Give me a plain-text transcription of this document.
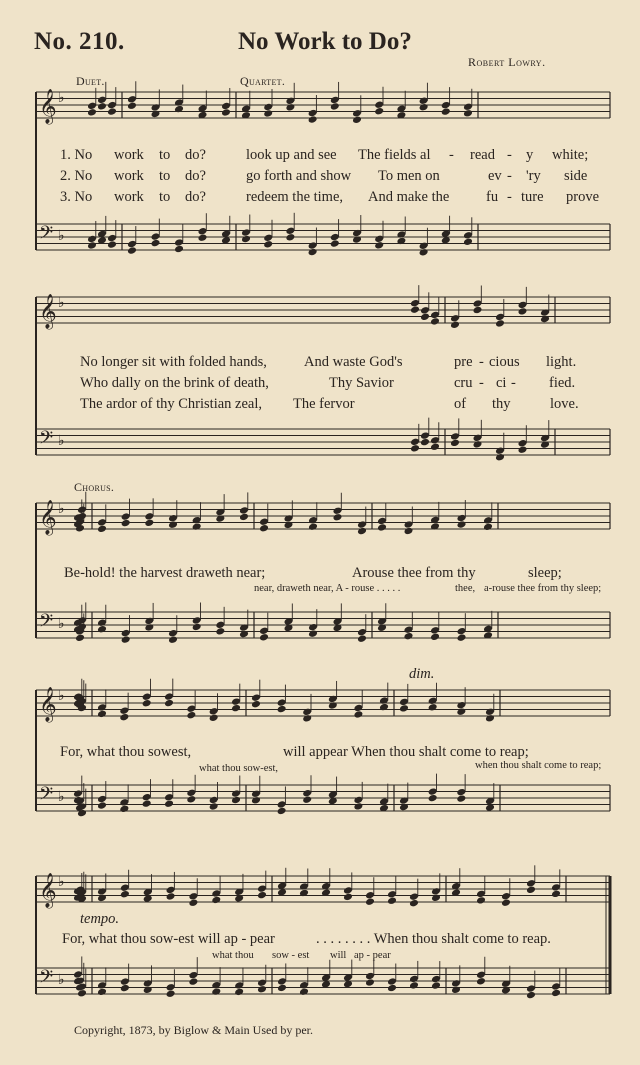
𝄞 ♭
𝄢 ♭
𝄞 ♭
𝄢 ♭
𝄞 ♭
𝄢 ♭
𝄞 ♭
𝄢 ♭
𝄞 ♭
𝄢 ♭
No. 210.	No Work to Do?
Robert Lowry.
Duet.	Quartet.
1. No work to do?	look up and see The fields al - read - y white;
2. No work to do?	go forth and show To men on	ev - 'ry side
3. No work to do?	redeem the time, And make the	fu - ture prove
No longer sit with folded hands,	And waste God's	pre - cious light.
Who dally on the brink of death,	Thy Savior	cru - ci - fied.
The ardor of thy Christian zeal, The fervor	of thy	love.
Chorus.
Be-hold! the harvest draweth near;	Arouse thee from thy	sleep;
near, draweth near, A - rouse . . . . .	thee, a-rouse thee from thy sleep;
dim.
For, what thou sowest,	will appear When thou shalt come to reap;
what thou sow-est,	when thou shalt come to reap;
tempo.
For, what thou sow-est will ap - pear	. . . . . . . . When thou shalt come to reap.
what thou sow - est will ap - pear
Copyright, 1873, by Biglow & Main Used by per.
